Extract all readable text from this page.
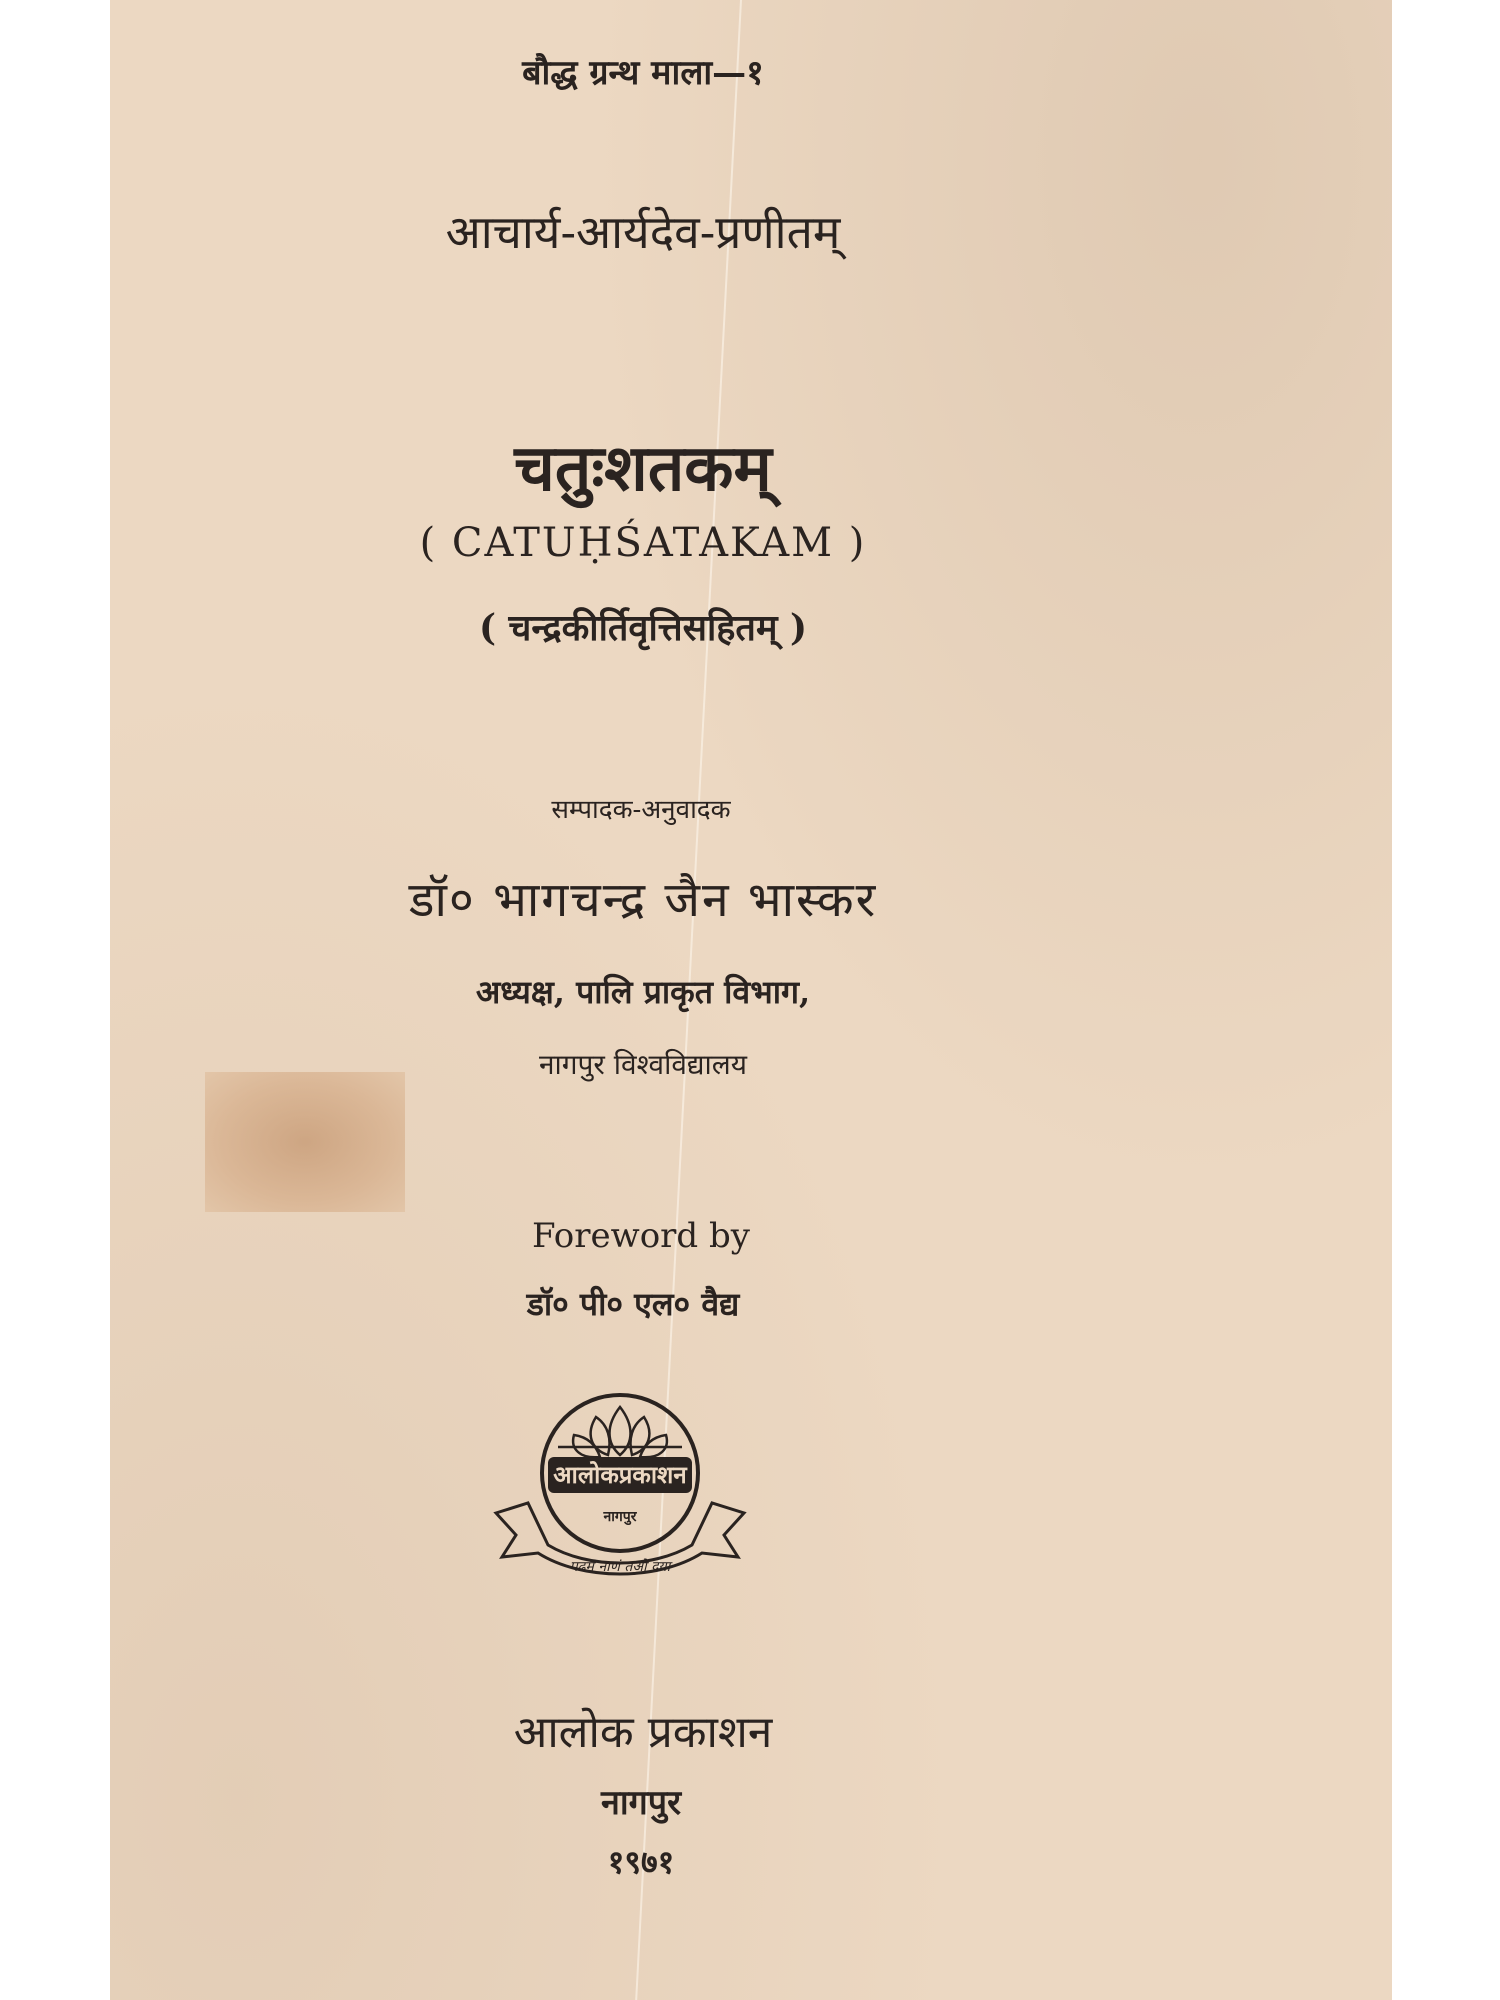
बौद्ध ग्रन्थ माला—१
आचार्य-आर्यदेव-प्रणीतम्
चतुःशतकम्
( CATUḤŚATAKAM )
( चन्द्रकीर्तिवृत्तिसहितम् )
सम्पादक-अनुवादक
डॉ० भागचन्द्र जैन भास्कर
अध्यक्ष, पालि प्राकृत विभाग,
नागपुर विश्वविद्यालय
Foreword by
डॉ० पी० एल० वैद्य
आलोकप्रकाशन
नागपुर
पढमं नाणं तओ दया
आलोक प्रकाशन
नागपुर
१९७१
